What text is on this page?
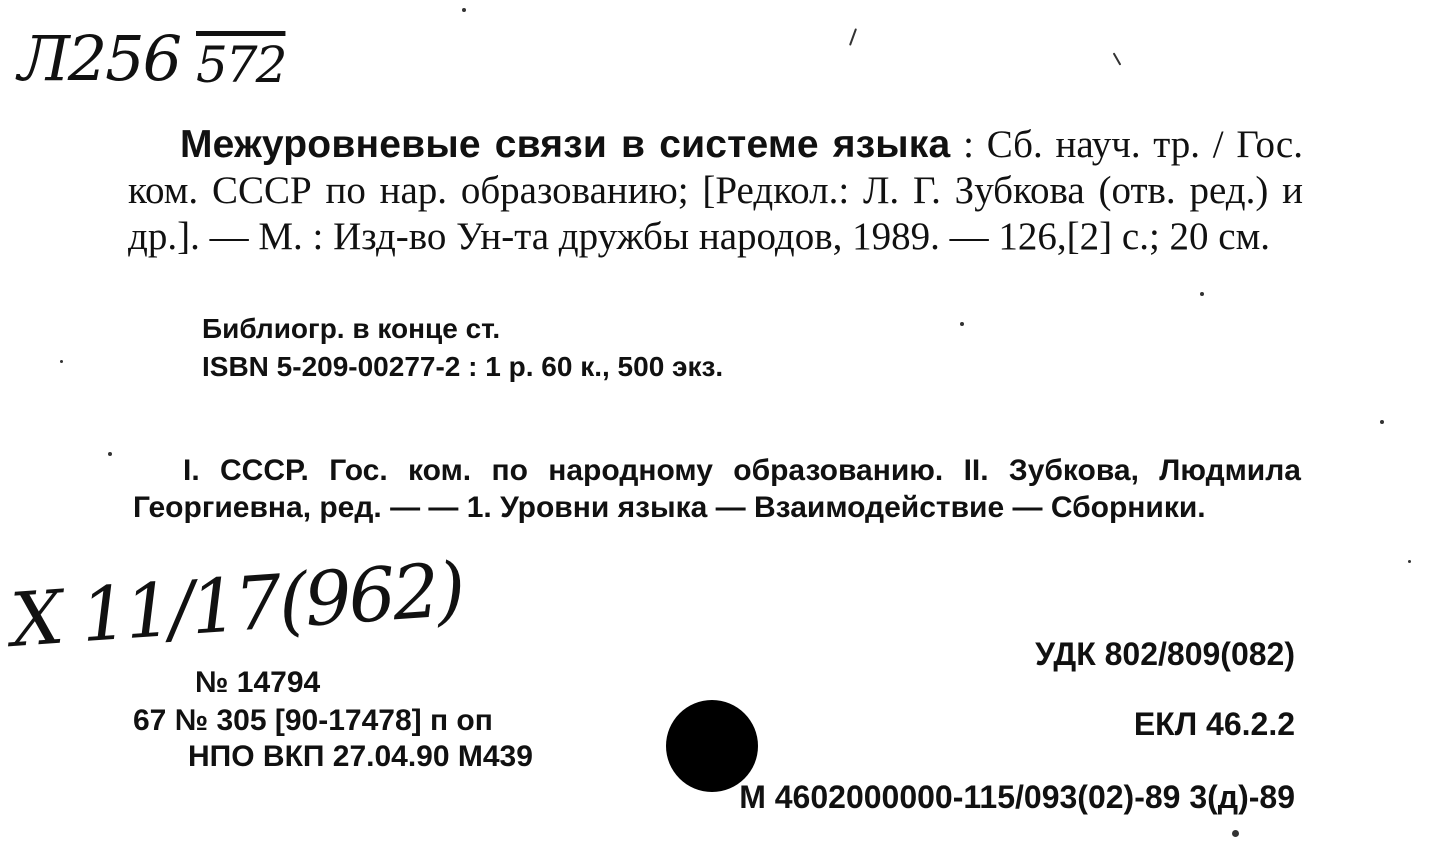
Л256 572
Межуровневые связи в системе языка : Сб. науч. тр. / Гос. ком. СССР по нар. образованию; [Редкол.: Л. Г. Зубкова (отв. ред.) и др.]. — М. : Изд-во Ун-та дружбы народов, 1989. — 126,[2] с.; 20 см.
Библиогр. в конце ст.
ISBN 5-209-00277-2 : 1 р. 60 к., 500 экз.
I. СССР. Гос. ком. по народному образованию. II. Зубкова, Людмила Георгиевна, ред. — — 1. Уровни языка — Взаимодействие — Сборники.
X 11/17(962)
№ 14794
67 № 305 [90-17478] п оп
НПО ВКП 27.04.90 М439
УДК 802/809(082)
ЕКЛ 46.2.2
М 4602000000-115/093(02)-89 3(д)-89
